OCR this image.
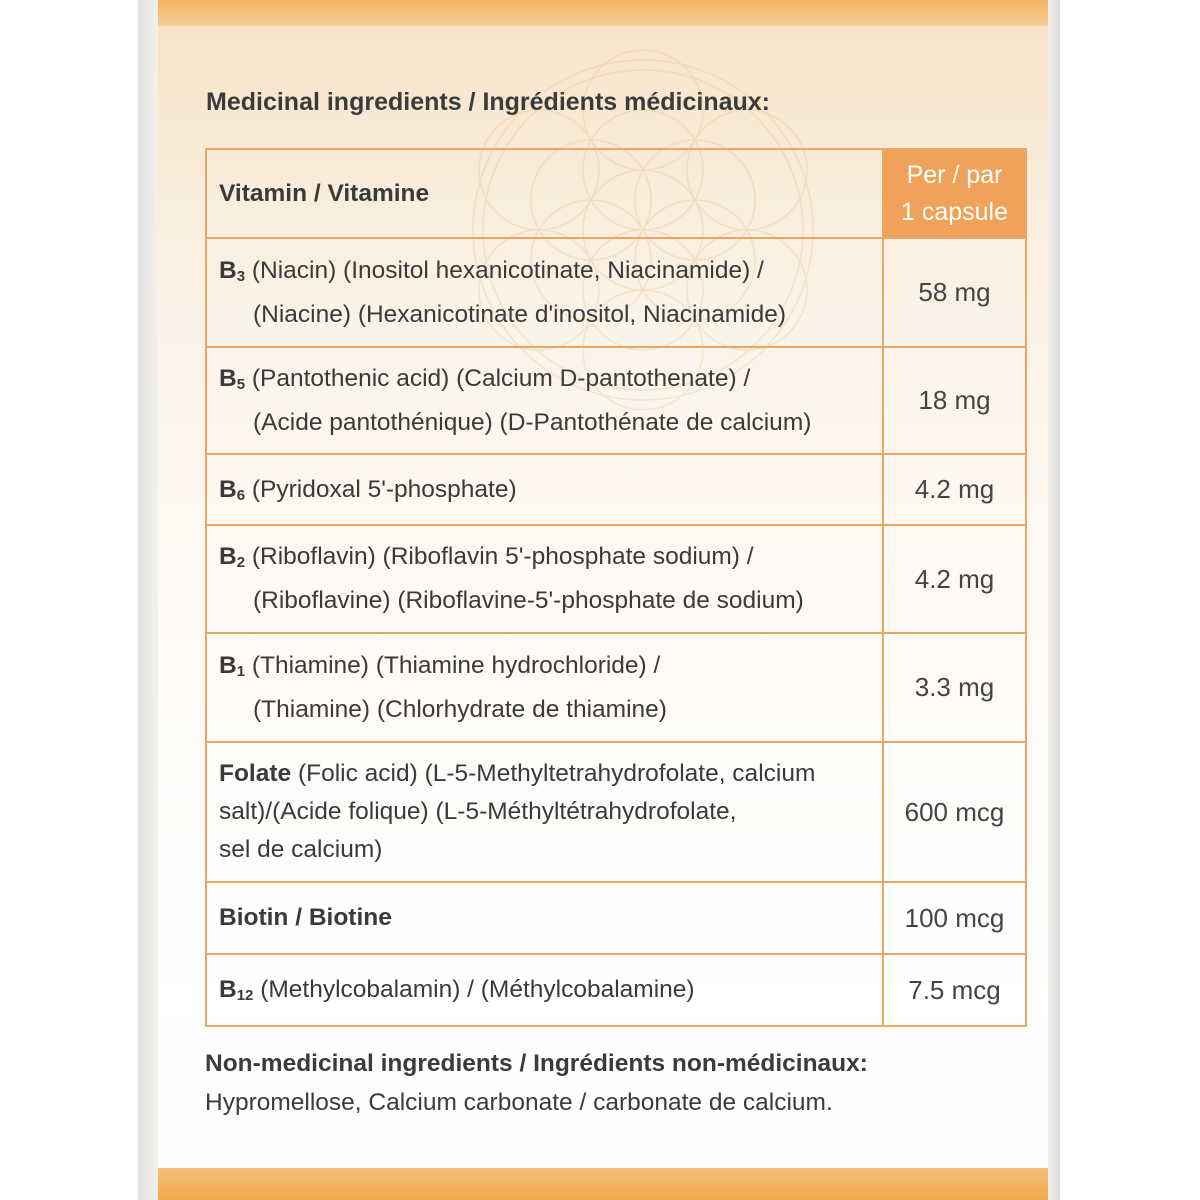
Medicinal ingredients / Ingrédients médicinaux:
Vitamin / Vitamine	Per / par
1 capsule

$B_3$ (Niacin) (Inositol hexanicotinate, Niacinamide) /
(Niacine) (Hexanicotinate d'inositol, Niacinamide)	58 mg

$B_5$ (Pantothenic acid) (Calcium D-pantothenate) /
(Acide pantothénique) (D-Pantothénate de calcium)	18 mg

$B_6$ (Pyridoxal 5'-phosphate)	4.2 mg

$B_2$ (Riboflavin) (Riboflavin 5'-phosphate sodium) /
(Riboflavine) (Riboflavine-5'-phosphate de sodium)	4.2 mg

$B_1$ (Thiamine) (Thiamine hydrochloride) /
(Thiamine) (Chlorhydrate de thiamine)	3.3 mg

Folate (Folic acid) (L-5-Methyltetrahydrofolate, calcium
salt)/(Acide folique) (L-5-Méthyltétrahydrofolate,
sel de calcium)	600 mcg
Biotin / Biotine	100 mcg

$B_{12}$ (Methylcobalamin) / (Méthylcobalamine)	7.5 mcg
Non-medicinal ingredients / Ingrédients non-médicinaux:
Hypromellose, Calcium carbonate / carbonate de calcium.
